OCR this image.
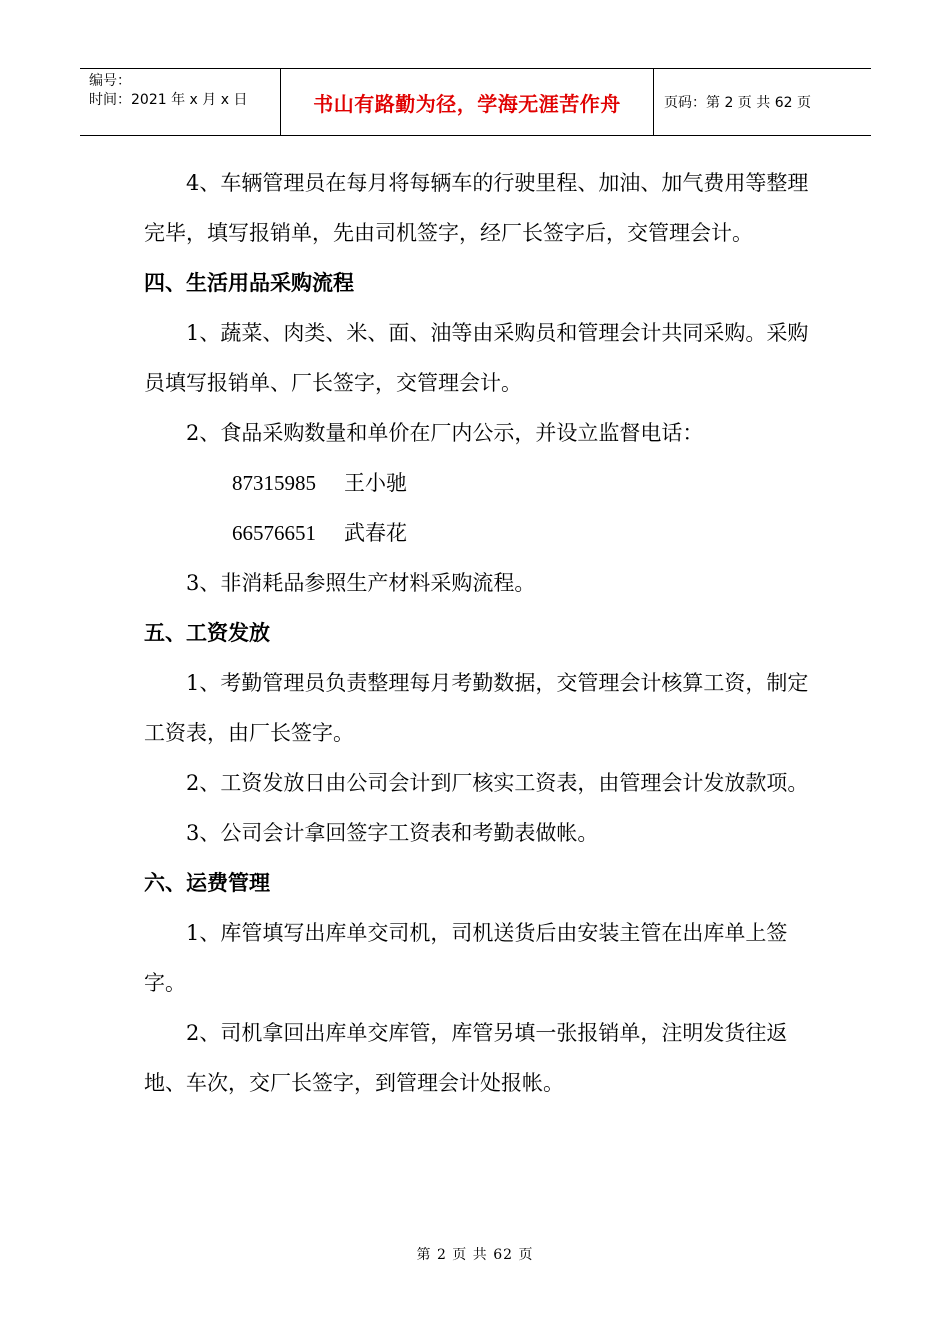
编号：
时间：2021 年 x 月 x 日	书山有路勤为径，学海无涯苦作舟	页码：第 2 页 共 62 页

4、车辆管理员在每月将每辆车的行驶里程、加油、加气费用等整理完毕，填写报销单，先由司机签字，经厂长签字后，交管理会计。

四、生活用品采购流程

1、蔬菜、肉类、米、面、油等由采购员和管理会计共同采购。采购员填写报销单、厂长签字，交管理会计。

2、食品采购数量和单价在厂内公示，并设立监督电话：

87315985 王小驰
66576651 武春花

3、非消耗品参照生产材料采购流程。

五、工资发放

1、考勤管理员负责整理每月考勤数据，交管理会计核算工资，制定工资表，由厂长签字。

2、工资发放日由公司会计到厂核实工资表，由管理会计发放款项。

3、公司会计拿回签字工资表和考勤表做帐。

六、运费管理

1、库管填写出库单交司机，司机送货后由安装主管在出库单上签字。

2、司机拿回出库单交库管，库管另填一张报销单，注明发货往返地、车次，交厂长签字，到管理会计处报帐。

第 2 页 共 62 页
